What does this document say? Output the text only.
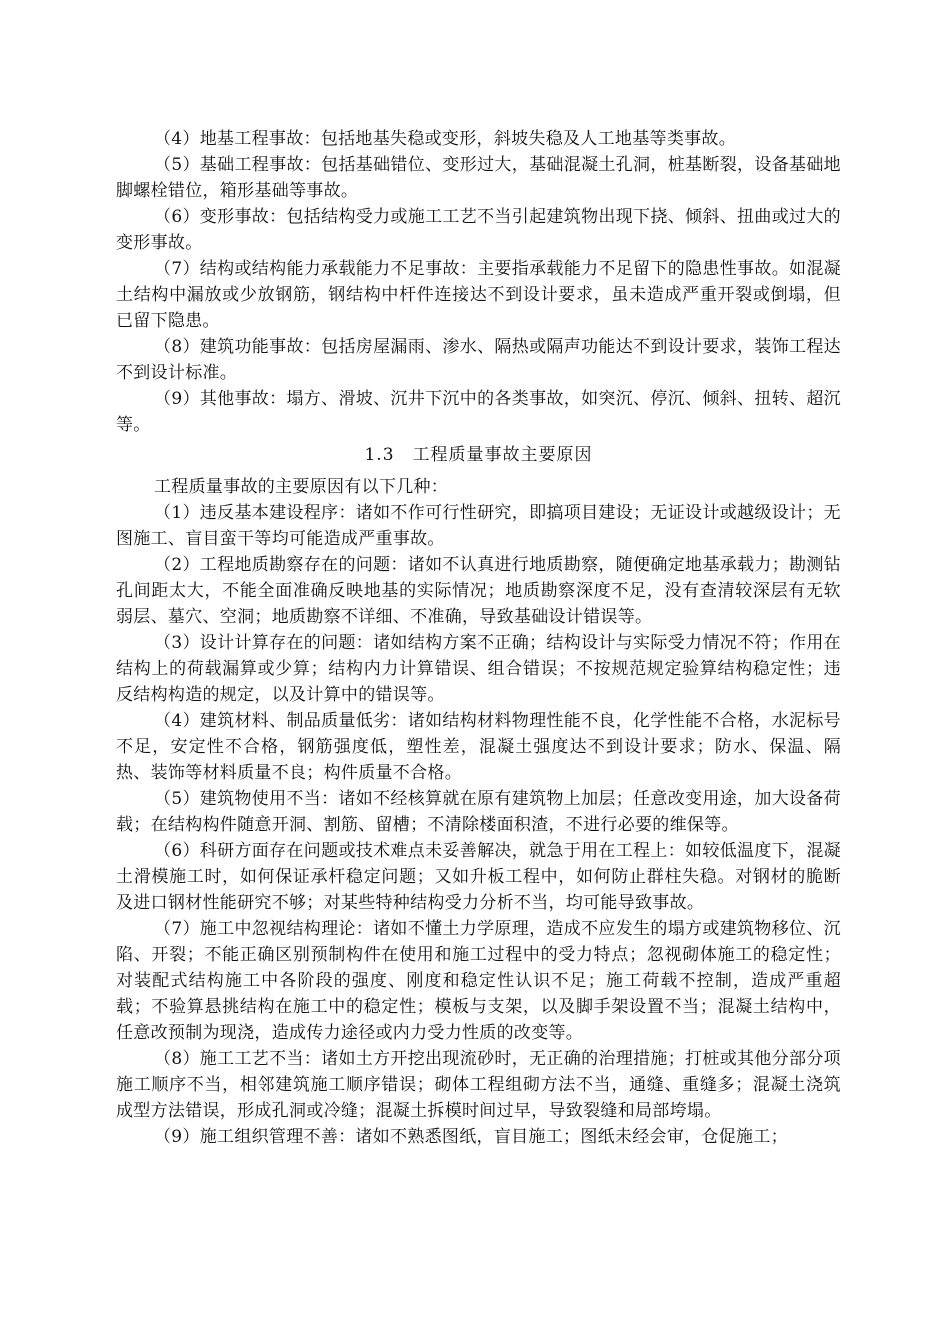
（4）地基工程事故：包括地基失稳或变形，斜坡失稳及人工地基等类事故。

（5）基础工程事故：包括基础错位、变形过大，基础混凝土孔洞，桩基断裂，设备基础地脚螺栓错位，箱形基础等事故。

（6）变形事故：包括结构受力或施工工艺不当引起建筑物出现下挠、倾斜、扭曲或过大的变形事故。

（7）结构或结构能力承载能力不足事故：主要指承载能力不足留下的隐患性事故。如混凝土结构中漏放或少放钢筋，钢结构中杆件连接达不到设计要求，虽未造成严重开裂或倒塌，但已留下隐患。

（8）建筑功能事故：包括房屋漏雨、渗水、隔热或隔声功能达不到设计要求，装饰工程达不到设计标准。

（9）其他事故：塌方、滑坡、沉井下沉中的各类事故，如突沉、停沉、倾斜、扭转、超沉等。

1.3　工程质量事故主要原因

工程质量事故的主要原因有以下几种：

（1）违反基本建设程序：诸如不作可行性研究，即搞项目建设；无证设计或越级设计；无图施工、盲目蛮干等均可能造成严重事故。

（2）工程地质勘察存在的问题：诸如不认真进行地质勘察，随便确定地基承载力；勘测钻孔间距太大，不能全面准确反映地基的实际情况；地质勘察深度不足，没有查清较深层有无软弱层、墓穴、空洞；地质勘察不详细、不准确，导致基础设计错误等。

（3）设计计算存在的问题：诸如结构方案不正确；结构设计与实际受力情况不符；作用在结构上的荷载漏算或少算；结构内力计算错误、组合错误；不按规范规定验算结构稳定性；违反结构构造的规定，以及计算中的错误等。

（4）建筑材料、制品质量低劣：诸如结构材料物理性能不良，化学性能不合格，水泥标号不足，安定性不合格，钢筋强度低，塑性差，混凝土强度达不到设计要求；防水、保温、隔热、装饰等材料质量不良；构件质量不合格。

（5）建筑物使用不当：诸如不经核算就在原有建筑物上加层；任意改变用途，加大设备荷载；在结构构件随意开洞、割筋、留槽；不清除楼面积渣，不进行必要的维保等。

（6）科研方面存在问题或技术难点未妥善解决，就急于用在工程上：如较低温度下，混凝土滑模施工时，如何保证承杆稳定问题；又如升板工程中，如何防止群柱失稳。对钢材的脆断及进口钢材性能研究不够；对某些特种结构受力分析不当，均可能导致事故。

（7）施工中忽视结构理论：诸如不懂土力学原理，造成不应发生的塌方或建筑物移位、沉陷、开裂；不能正确区别预制构件在使用和施工过程中的受力特点；忽视砌体施工的稳定性；对装配式结构施工中各阶段的强度、刚度和稳定性认识不足；施工荷载不控制，造成严重超载；不验算悬挑结构在施工中的稳定性；模板与支架，以及脚手架设置不当；混凝土结构中，任意改预制为现浇，造成传力途径或内力受力性质的改变等。

（8）施工工艺不当：诸如土方开挖出现流砂时，无正确的治理措施；打桩或其他分部分项施工顺序不当，相邻建筑施工顺序错误；砌体工程组砌方法不当，通缝、重缝多；混凝土浇筑成型方法错误，形成孔洞或冷缝；混凝土拆模时间过早，导致裂缝和局部垮塌。

（9）施工组织管理不善：诸如不熟悉图纸，盲目施工；图纸未经会审，仓促施工；
